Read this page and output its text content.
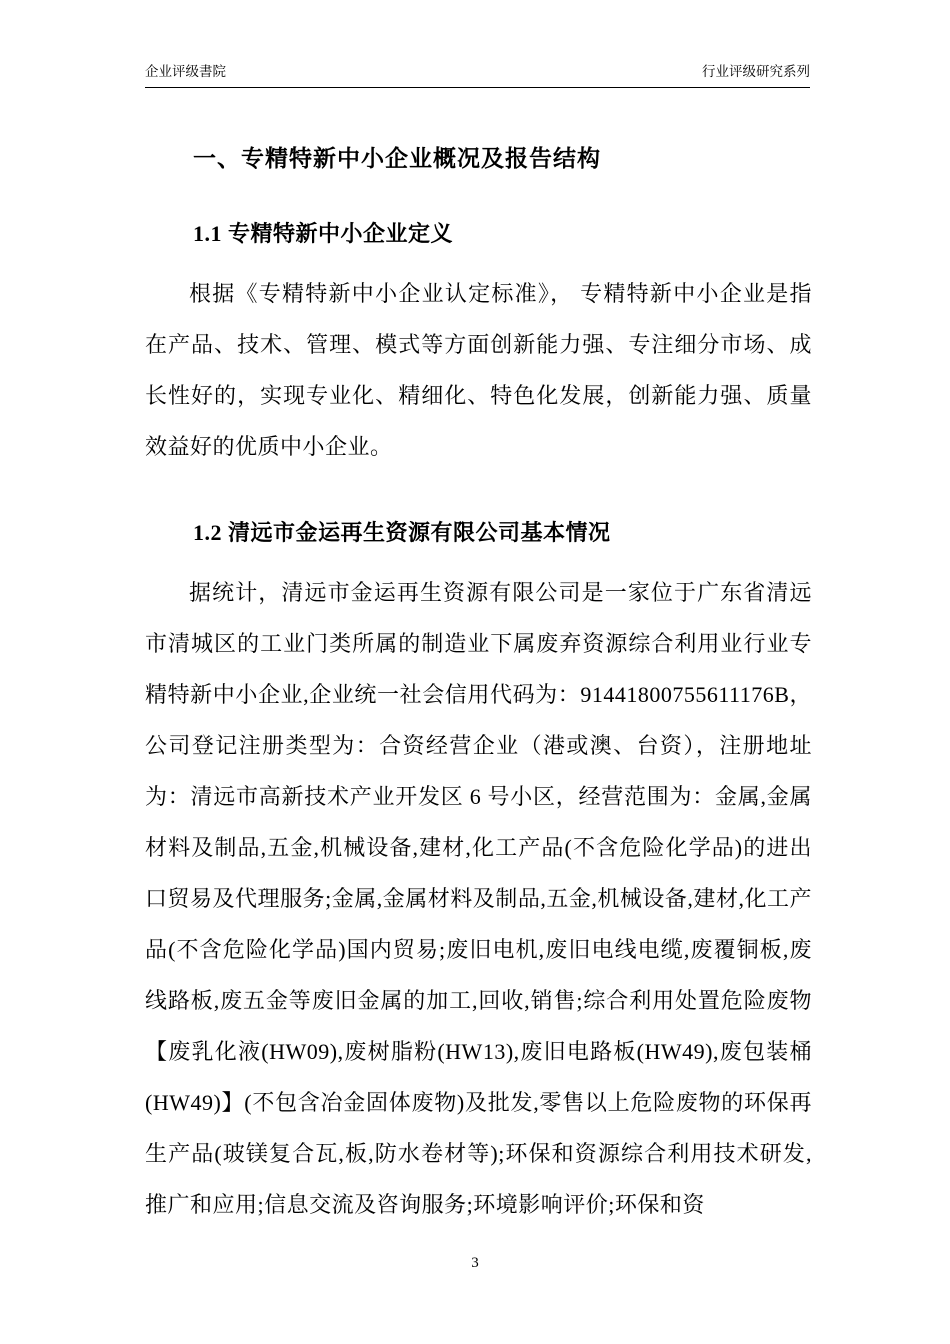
企业评级書院	行业评级研究系列
一、专精特新中小企业概况及报告结构
1.1 专精特新中小企业定义

根据《专精特新中小企业认定标准》， 专精特新中小企业是指在产品、技术、管理、模式等方面创新能力强、专注细分市场、成长性好的，实现专业化、精细化、特色化发展，创新能力强、质量效益好的优质中小企业。

1.2 清远市金运再生资源有限公司基本情况

据统计，清远市金运再生资源有限公司是一家位于广东省清远市清城区的工业门类所属的制造业下属废弃资源综合利用业行业专精特新中小企业,企业统一社会信用代码为：91441800755611176B，公司登记注册类型为：合资经营企业（港或澳、台资），注册地址为：清远市高新技术产业开发区 6 号小区，经营范围为：金属,金属材料及制品,五金,机械设备,建材,化工产品(不含危险化学品)的进出口贸易及代理服务;金属,金属材料及制品,五金,机械设备,建材,化工产品(不含危险化学品)国内贸易;废旧电机,废旧电线电缆,废覆铜板,废线路板,废五金等废旧金属的加工,回收,销售;综合利用处置危险废物【废乳化液(HW09),废树脂粉(HW13),废旧电路板(HW49),废包装桶(HW49)】(不包含冶金固体废物)及批发,零售以上危险废物的环保再生产品(玻镁复合瓦,板,防水卷材等);环保和资源综合利用技术研发,推广和应用;信息交流及咨询服务;环境影响评价;环保和资

3
